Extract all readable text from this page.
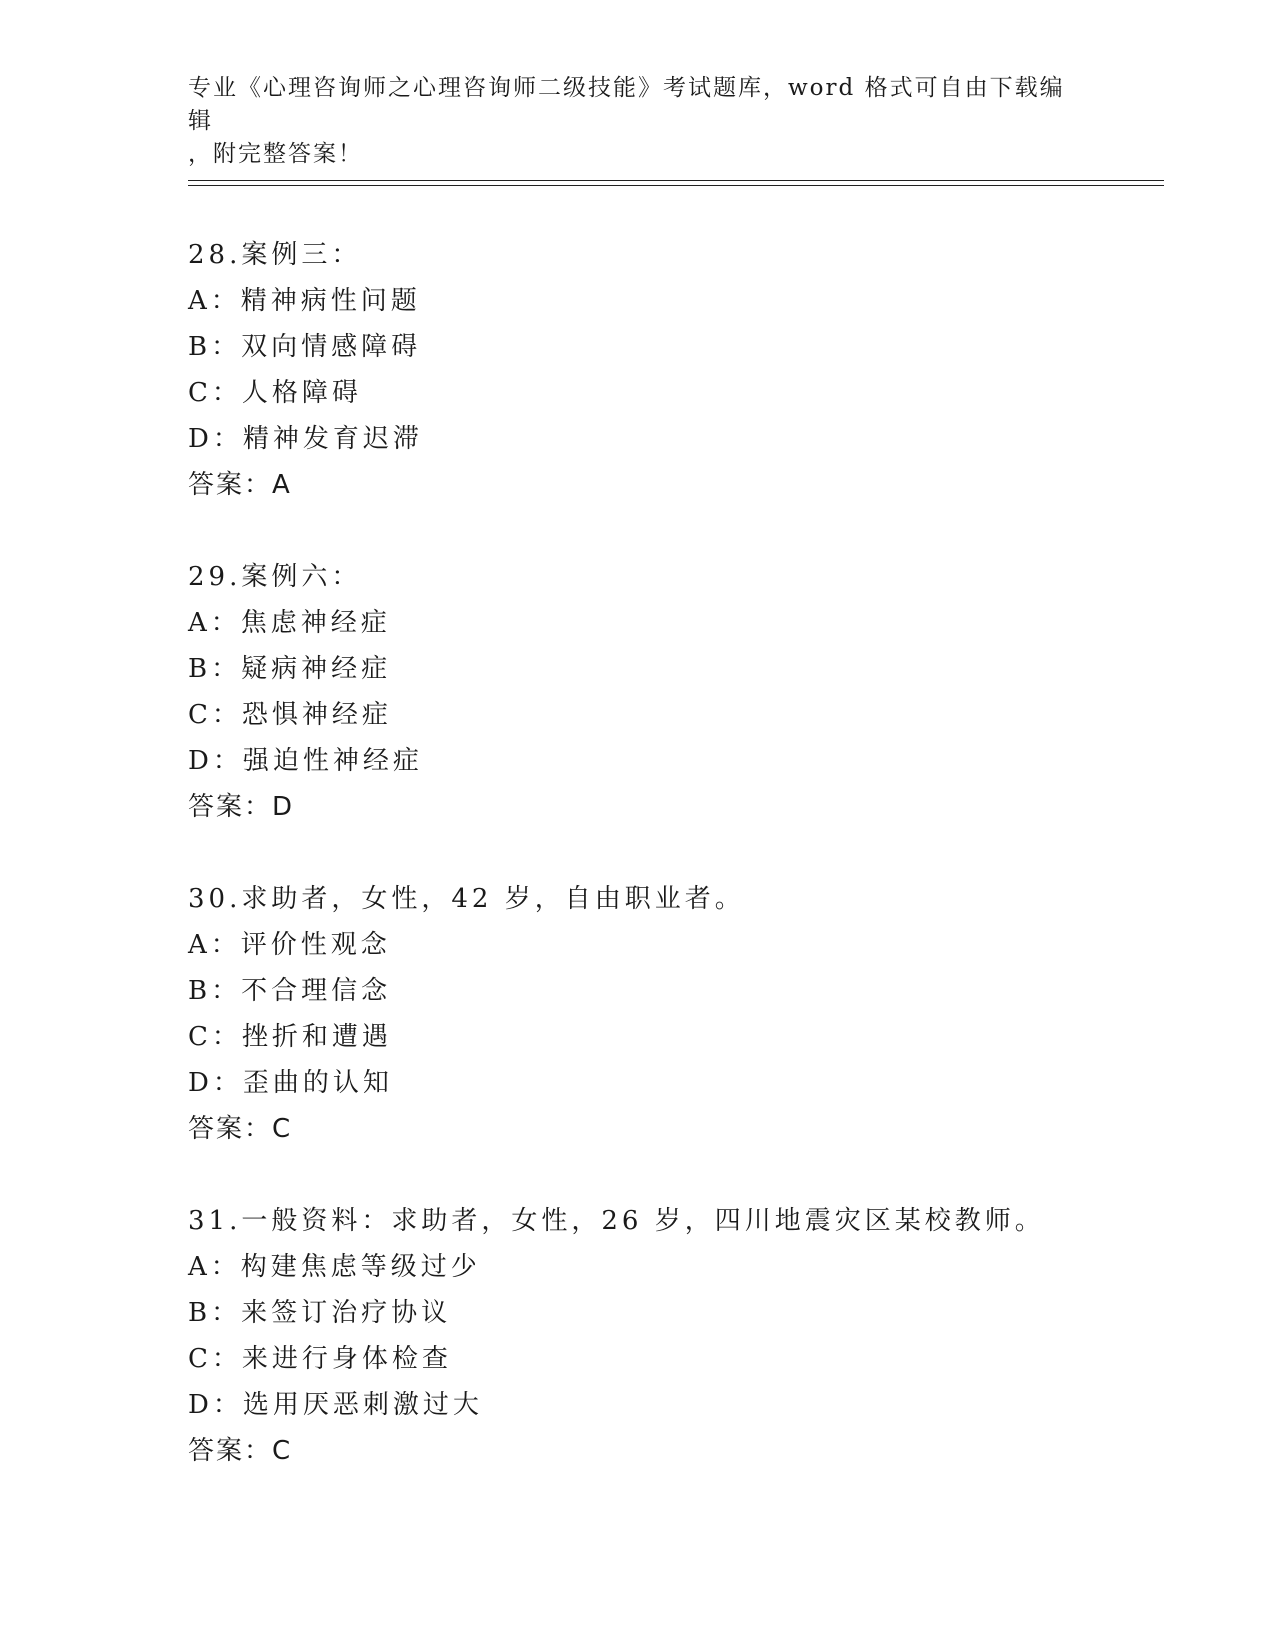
专业《心理咨询师之心理咨询师二级技能》考试题库，word 格式可自由下载编辑
，附完整答案！
28.案例三：
A：精神病性问题
B：双向情感障碍
C：人格障碍
D：精神发育迟滞
答案：A
29.案例六：
A：焦虑神经症
B：疑病神经症
C：恐惧神经症
D：强迫性神经症
答案：D
30.求助者，女性，42 岁，自由职业者。
A：评价性观念
B：不合理信念
C：挫折和遭遇
D：歪曲的认知
答案：C
31.一般资料：求助者，女性，26 岁，四川地震灾区某校教师。
A：构建焦虑等级过少
B：来签订治疗协议
C：来进行身体检查
D：选用厌恶刺激过大
答案：C
